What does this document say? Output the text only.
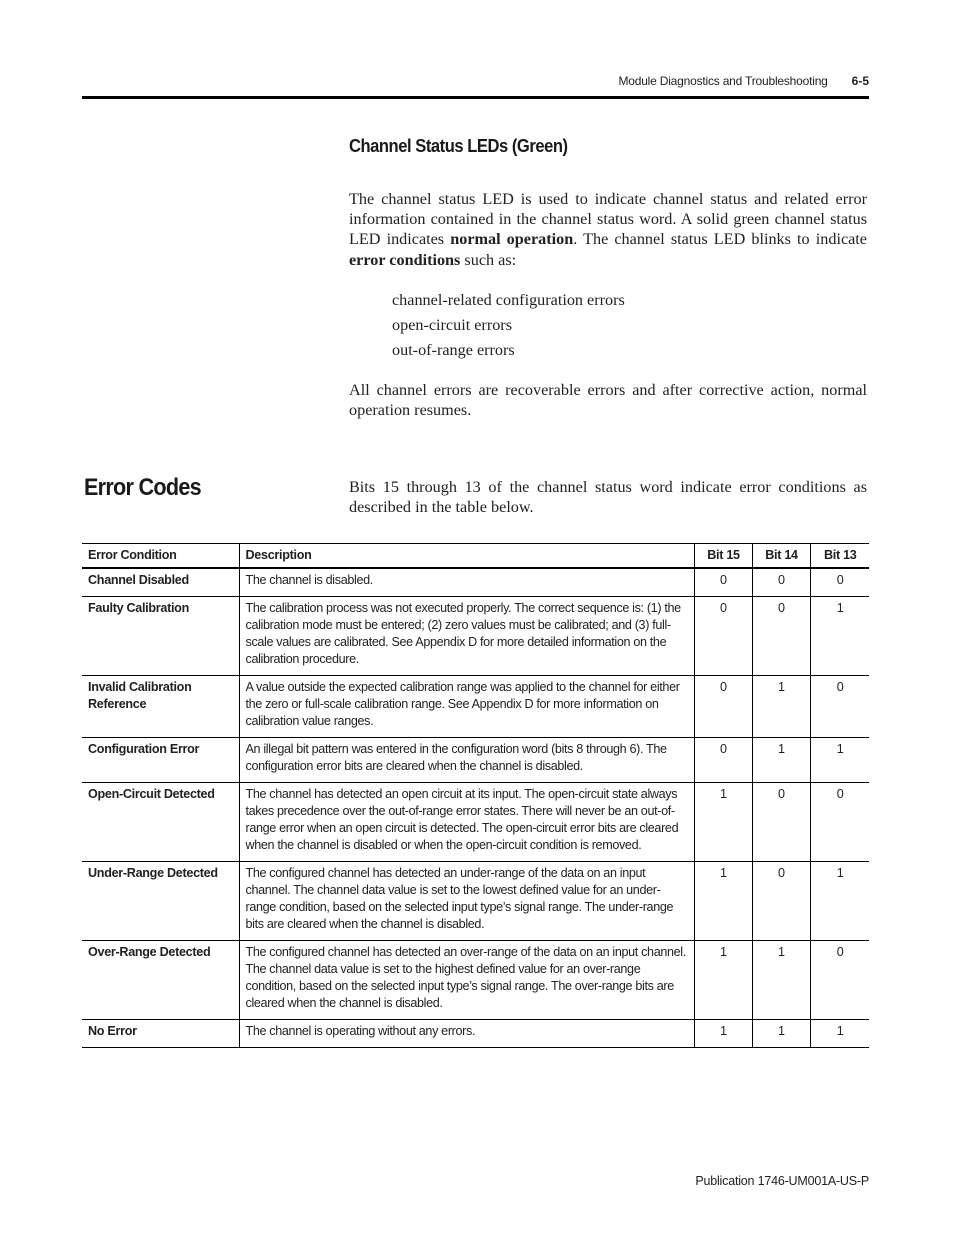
Module Diagnostics and Troubleshooting 6-5
Channel Status LEDs (Green)

The channel status LED is used to indicate channel status and related error information contained in the channel status word. A solid green channel status LED indicates normal operation. The channel status LED blinks to indicate error conditions such as:

channel-related configuration errors
open-circuit errors
out-of-range errors

All channel errors are recoverable errors and after corrective action, normal operation resumes.

Error Codes	Bits 15 through 13 of the channel status word indicate error conditions as described in the table below.

Error Condition	Description	Bit 15	Bit 14	Bit 13
Channel Disabled	The channel is disabled.	0	0	0
Faulty Calibration	The calibration process was not executed properly. The correct sequence is: (1) the calibration mode must be entered; (2) zero values must be calibrated; and (3) full-scale values are calibrated. See Appendix D for more detailed information on the calibration procedure.	0	0	1
Invalid Calibration Reference	A value outside the expected calibration range was applied to the channel for either the zero or full-scale calibration range. See Appendix D for more information on calibration value ranges.	0	1	0
Configuration Error	An illegal bit pattern was entered in the configuration word (bits 8 through 6). The configuration error bits are cleared when the channel is disabled.	0	1	1
Open-Circuit Detected	The channel has detected an open circuit at its input. The open-circuit state always takes precedence over the out-of-range error states. There will never be an out-of-range error when an open circuit is detected. The open-circuit error bits are cleared when the channel is disabled or when the open-circuit condition is removed.	1	0	0
Under-Range Detected	The configured channel has detected an under-range of the data on an input channel. The channel data value is set to the lowest defined value for an under-range condition, based on the selected input type’s signal range. The under-range bits are cleared when the channel is disabled.	1	0	1
Over-Range Detected	The configured channel has detected an over-range of the data on an input channel. The channel data value is set to the highest defined value for an over-range condition, based on the selected input type’s signal range. The over-range bits are cleared when the channel is disabled.	1	1	0
No Error	The channel is operating without any errors.	1	1	1
Publication 1746-UM001A-US-P
